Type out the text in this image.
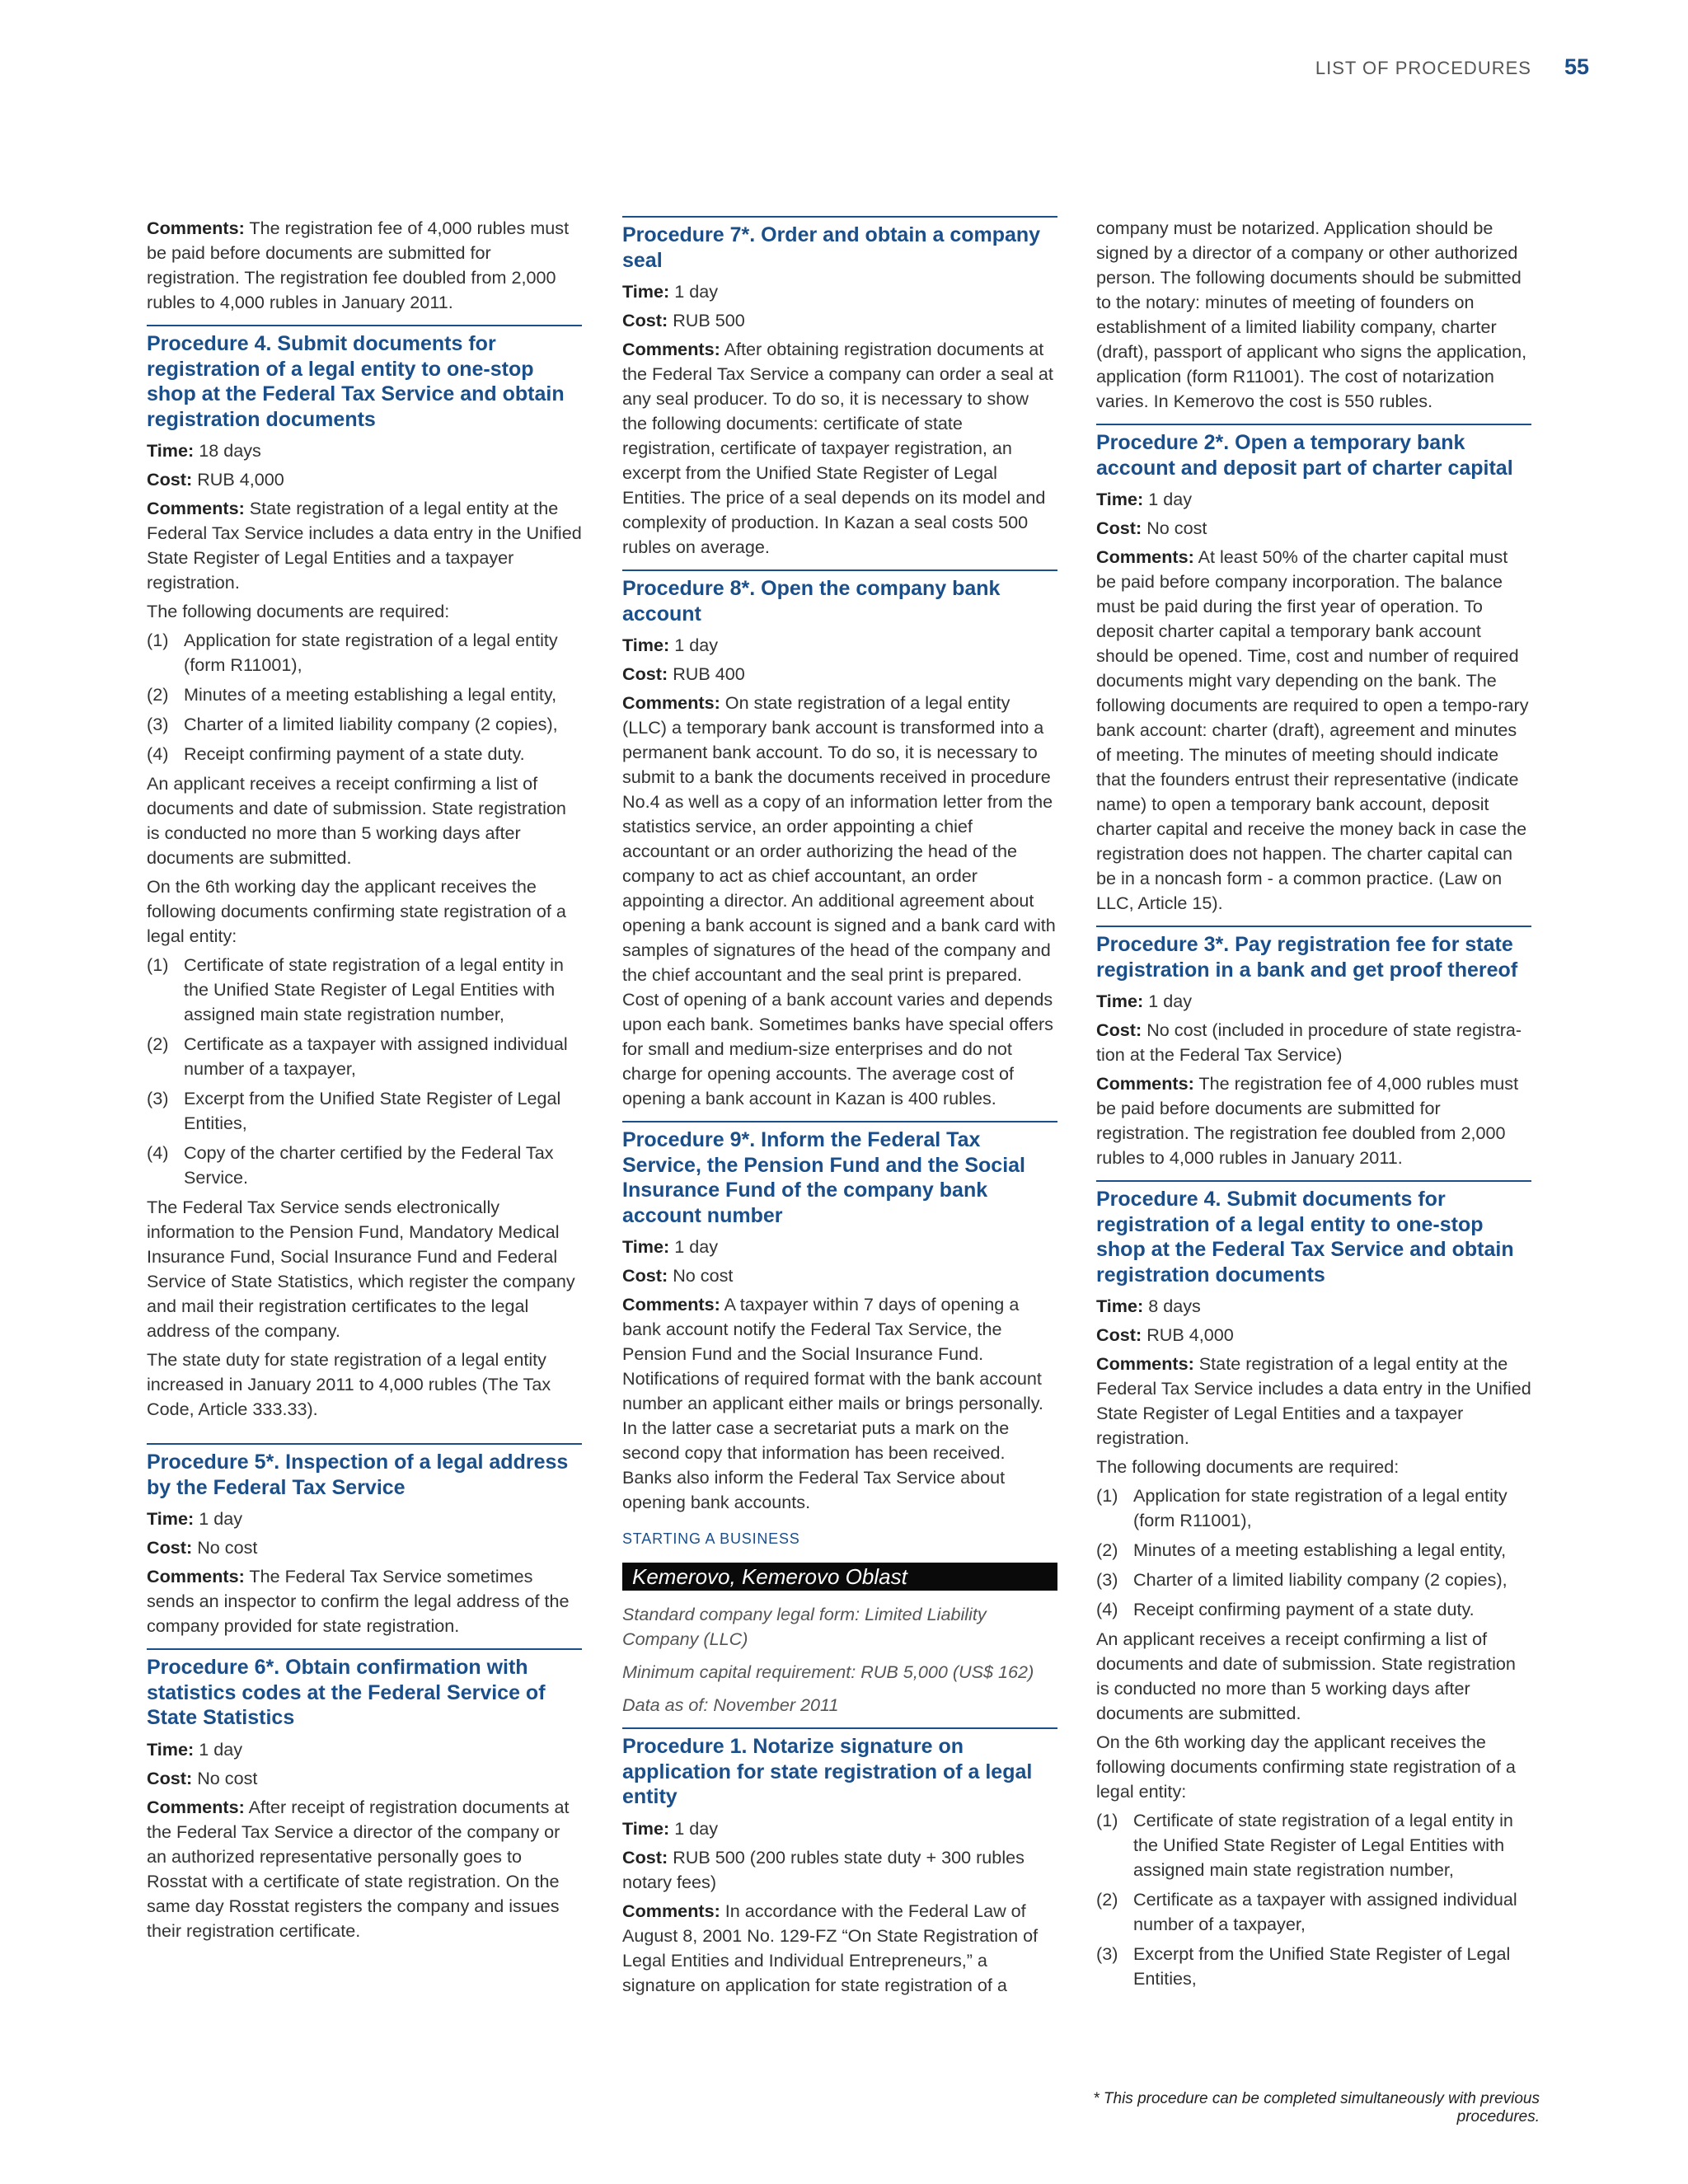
LIST OF PROCEDURES 55

Comments: The registration fee of 4,000 rubles must be paid before documents are submitted for registration. The registration fee doubled from 2,000 rubles to 4,000 rubles in January 2011.

Procedure 4. Submit documents for registration of a legal entity to one-stop shop at the Federal Tax Service and obtain registration documents

Time: 18 days

Cost: RUB 4,000

Comments: State registration of a legal entity at the Federal Tax Service includes a data entry in the Unified State Register of Legal Entities and a taxpayer registration.

The following documents are required:

(1) Application for state registration of a legal entity (form R11001),
(2) Minutes of a meeting establishing a legal entity,
(3) Charter of a limited liability company (2 copies),
(4) Receipt confirming payment of a state duty.

An applicant receives a receipt confirming a list of documents and date of submission. State registration is conducted no more than 5 working days after documents are submitted.

On the 6th working day the applicant receives the following documents confirming state registration of a legal entity:

(1) Certificate of state registration of a legal entity in the Unified State Register of Legal Entities with assigned main state registration number,
(2) Certificate as a taxpayer with assigned individual number of a taxpayer,
(3) Excerpt from the Unified State Register of Legal Entities,
(4) Copy of the charter certified by the Federal Tax Service.

The Federal Tax Service sends electronically information to the Pension Fund, Mandatory Medical Insurance Fund, Social Insurance Fund and Federal Service of State Statistics, which register the company and mail their registration certificates to the legal address of the company.

The state duty for state registration of a legal entity increased in January 2011 to 4,000 rubles (The Tax Code, Article 333.33).

Procedure 5*. Inspection of a legal address by the Federal Tax Service

Time: 1 day

Cost: No cost

Comments: The Federal Tax Service sometimes sends an inspector to confirm the legal address of the company provided for state registration.

Procedure 6*. Obtain confirmation with statistics codes at the Federal Service of State Statistics

Time: 1 day

Cost: No cost

Comments: After receipt of registration documents at the Federal Tax Service a director of the company or an authorized representative personally goes to Rosstat with a certificate of state registration. On the same day Rosstat registers the company and issues their registration certificate.

Procedure 7*. Order and obtain a company seal

Time: 1 day

Cost: RUB 500

Comments: After obtaining registration documents at the Federal Tax Service a company can order a seal at any seal producer. To do so, it is necessary to show the following documents: certificate of state registration, certificate of taxpayer registration, an excerpt from the Unified State Register of Legal Entities. The price of a seal depends on its model and complexity of production. In Kazan a seal costs 500 rubles on average.

Procedure 8*. Open the company bank account

Time: 1 day

Cost: RUB 400

Comments: On state registration of a legal entity (LLC) a temporary bank account is transformed into a permanent bank account. To do so, it is necessary to submit to a bank the documents received in procedure No.4 as well as a copy of an information letter from the statistics service, an order appointing a chief accountant or an order authorizing the head of the company to act as chief accountant, an order appointing a director. An additional agreement about opening a bank account is signed and a bank card with samples of signatures of the head of the company and the chief accountant and the seal print is prepared. Cost of opening of a bank account varies and depends upon each bank. Sometimes banks have special offers for small and medium-size enterprises and do not charge for opening accounts. The average cost of opening a bank account in Kazan is 400 rubles.

Procedure 9*. Inform the Federal Tax Service, the Pension Fund and the Social Insurance Fund of the company bank account number

Time: 1 day

Cost: No cost

Comments: A taxpayer within 7 days of opening a bank account notify the Federal Tax Service, the Pension Fund and the Social Insurance Fund. Notifications of required format with the bank account number an applicant either mails or brings personally. In the latter case a secretariat puts a mark on the second copy that information has been received. Banks also inform the Federal Tax Service about opening bank accounts.

STARTING A BUSINESS
Kemerovo, Kemerovo Oblast

Standard company legal form: Limited Liability Company (LLC)

Minimum capital requirement: RUB 5,000 (US$ 162)

Data as of: November 2011

Procedure 1. Notarize signature on application for state registration of a legal entity

Time: 1 day

Cost: RUB 500 (200 rubles state duty + 300 rubles notary fees)

Comments: In accordance with the Federal Law of August 8, 2001 No. 129-FZ “On State Registration of Legal Entities and Individual Entrepreneurs,” a signature on application for state registration of a

company must be notarized. Application should be signed by a director of a company or other authorized person. The following documents should be submitted to the notary: minutes of meeting of founders on establishment of a limited liability company, charter (draft), passport of applicant who signs the application, application (form R11001). The cost of notarization varies. In Kemerovo the cost is 550 rubles.

Procedure 2*. Open a temporary bank account and deposit part of charter capital

Time: 1 day

Cost: No cost

Comments: At least 50% of the charter capital must be paid before company incorporation. The balance must be paid during the first year of operation. To deposit charter capital a temporary bank account should be opened. Time, cost and number of required documents might vary depending on the bank. The following documents are required to open a tempo-rary bank account: charter (draft), agreement and minutes of meeting. The minutes of meeting should indicate that the founders entrust their representative (indicate name) to open a temporary bank account, deposit charter capital and receive the money back in case the registration does not happen. The charter capital can be in a noncash form - a common practice. (Law on LLC, Article 15).

Procedure 3*. Pay registration fee for state registration in a bank and get proof thereof

Time: 1 day

Cost: No cost (included in procedure of state registra-tion at the Federal Tax Service)

Comments: The registration fee of 4,000 rubles must be paid before documents are submitted for registration. The registration fee doubled from 2,000 rubles to 4,000 rubles in January 2011.

Procedure 4. Submit documents for registration of a legal entity to one-stop shop at the Federal Tax Service and obtain registration documents

Time: 8 days

Cost: RUB 4,000

Comments: State registration of a legal entity at the Federal Tax Service includes a data entry in the Unified State Register of Legal Entities and a taxpayer registration.

The following documents are required:

(1) Application for state registration of a legal entity (form R11001),
(2) Minutes of a meeting establishing a legal entity,
(3) Charter of a limited liability company (2 copies),
(4) Receipt confirming payment of a state duty.

An applicant receives a receipt confirming a list of documents and date of submission. State registration is conducted no more than 5 working days after documents are submitted.

On the 6th working day the applicant receives the following documents confirming state registration of a legal entity:

(1) Certificate of state registration of a legal entity in the Unified State Register of Legal Entities with assigned main state registration number,
(2) Certificate as a taxpayer with assigned individual number of a taxpayer,
(3) Excerpt from the Unified State Register of Legal Entities,
* This procedure can be completed simultaneously with previous procedures.
